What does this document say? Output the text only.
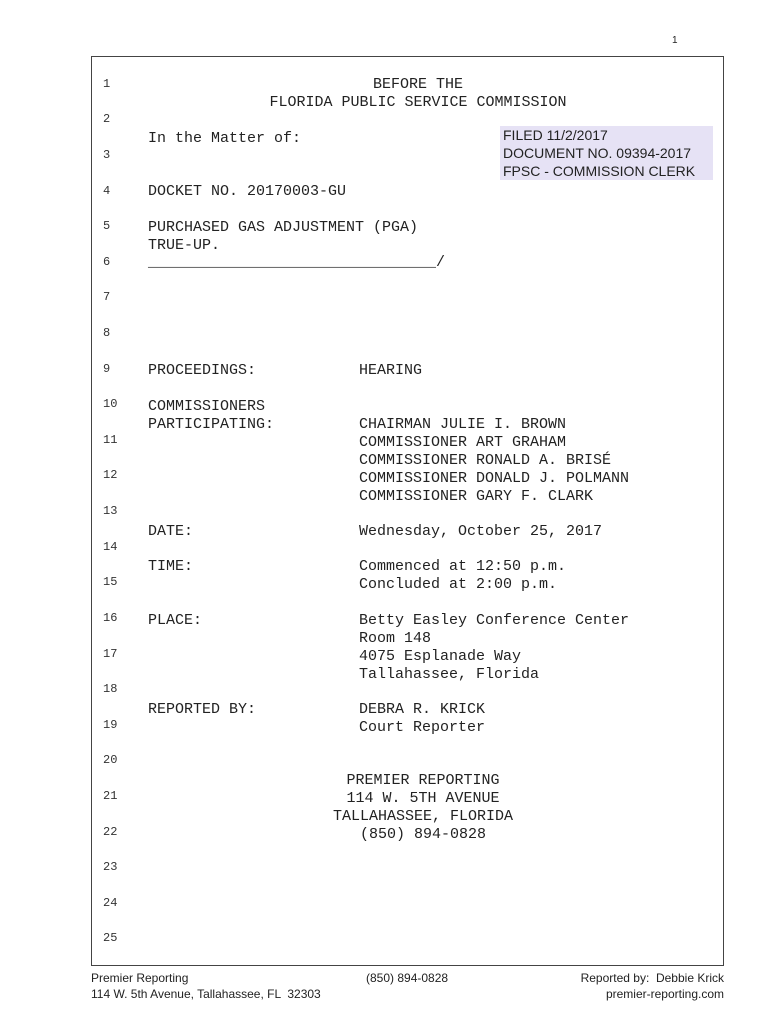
1
1
2
3
4
5
6
7
8
9
10
11
12
13
14
15
16
17
18
19
20
21
22
23
24
25
BEFORE THE
FLORIDA PUBLIC SERVICE COMMISSION
In the Matter of:	FILED 11/2/2017
DOCUMENT NO. 09394-2017
FPSC - COMMISSION CLERK
DOCKET NO. 20170003-GU
PURCHASED GAS ADJUSTMENT (PGA)
TRUE-UP.
________________________________/
PROCEEDINGS:	HEARING
COMMISSIONERS
PARTICIPATING:	CHAIRMAN JULIE I. BROWN
COMMISSIONER ART GRAHAM
COMMISSIONER RONALD A. BRISÉ
COMMISSIONER DONALD J. POLMANN
COMMISSIONER GARY F. CLARK
DATE:	Wednesday, October 25, 2017
TIME:	Commenced at 12:50 p.m.
Concluded at 2:00 p.m.
PLACE:	Betty Easley Conference Center
Room 148
4075 Esplanade Way
Tallahassee, Florida
REPORTED BY:	DEBRA R. KRICK
Court Reporter
PREMIER REPORTING
114 W. 5TH AVENUE
TALLAHASSEE, FLORIDA
(850) 894-0828
Premier Reporting
114 W. 5th Avenue, Tallahassee, FL  32303
(850) 894-0828	Reported by:  Debbie Krick
premier-reporting.com
